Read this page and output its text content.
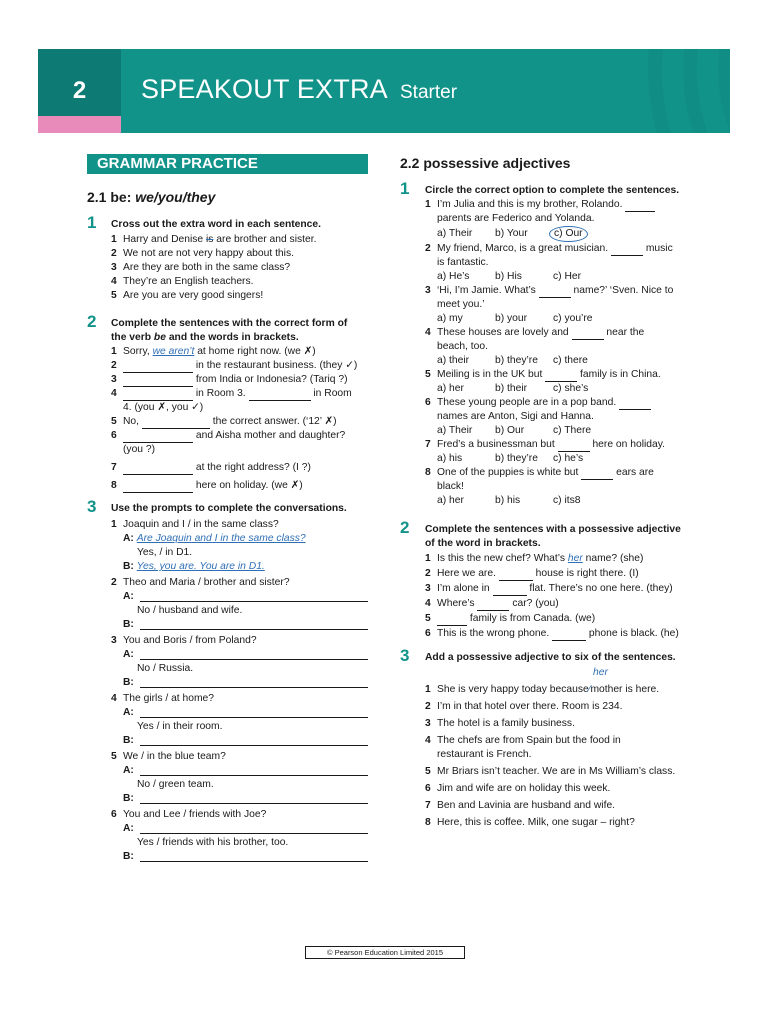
2	SPEAKOUT EXTRA Starter
GRAMMAR PRACTICE
2.1 be: we/you/they
1 Cross out the extra word in each sentence.
1 Harry and Denise is are brother and sister.
2 We not are not very happy about this.
3 Are they are both in the same class?
4 They’re an English teachers.
5 Are you are very good singers!
2 Complete the sentences with the correct form of
the verb be and the words in brackets.
1 Sorry, we aren’t at home right now. (we ✗)
2	in the restaurant business. (they ✓)
3	from India or Indonesia? (Tariq ?)
4	in Room 3.	in Room
4. (you ✗, you ✓)
5 No,	the correct answer. (‘12’ ✗)
6	and Aisha mother and daughter?
(you ?)
7	at the right address? (I ?)
8	here on holiday. (we ✗)
3 Use the prompts to complete the conversations.
1 Joaquin and I / in the same class?
A: Are Joaquin and I in the same class?
Yes, / in D1.
B: Yes, you are. You are in D1.
2 Theo and Maria / brother and sister?
A:
No / husband and wife.
B:
3 You and Boris / from Poland?
A:
No / Russia.
B:
4 The girls / at home?
A:
Yes / in their room.
B:
5 We / in the blue team?
A:
No / green team.
B:
6 You and Lee / friends with Joe?
A:
Yes / friends with his brother, too.
B:
2.2 possessive adjectives
1 Circle the correct option to complete the sentences.
1 I’m Julia and this is my brother, Rolando.
parents are Federico and Yolanda.
a) Their b) Your	c) Our
2 My friend, Marco, is a great musician.	music
is fantastic.
a) He’s b) His	c) Her
3 ‘Hi, I’m Jamie. What’s	name?’ ‘Sven. Nice to
meet you.’
a) my	b) your	c) you’re
4 These houses are lovely and	near the
beach, too.
a) their	b) they’re c) there
5 Meiling is in the UK but	family is in China.
a) her	b) their	c) she’s
6 These young people are in a pop band.
names are Anton, Sigi and Hanna.
a) Their b) Our	c) There
7 Fred’s a businessman but	here on holiday.
a) his	b) they’re c) he’s
8 One of the puppies is white but	ears are
black!
a) her	b) his	c) its8
2 Complete the sentences with a possessive adjective
of the word in brackets.
1 Is this the new chef? What’s her name? (she)
2 Here we are.	house is right there. (I)
3 I’m alone in	flat. There’s no one here. (they)
4 Where’s	car? (you)
5	family is from Canada. (we)
6 This is the wrong phone.	phone is black. (he)
3 Add a possessive adjective to six of the sentences.
her
1 She is very happy today because⁄mother is here.
2 I’m in that hotel over there. Room is 234.
3 The hotel is a family business.
4 The chefs are from Spain but the food in
restaurant is French.
5 Mr Briars isn’t teacher. We are in Ms William’s class.
6 Jim and wife are on holiday this week.
7 Ben and Lavinia are husband and wife.
8 Here, this is coffee. Milk, one sugar – right?
© Pearson Education Limited 2015
